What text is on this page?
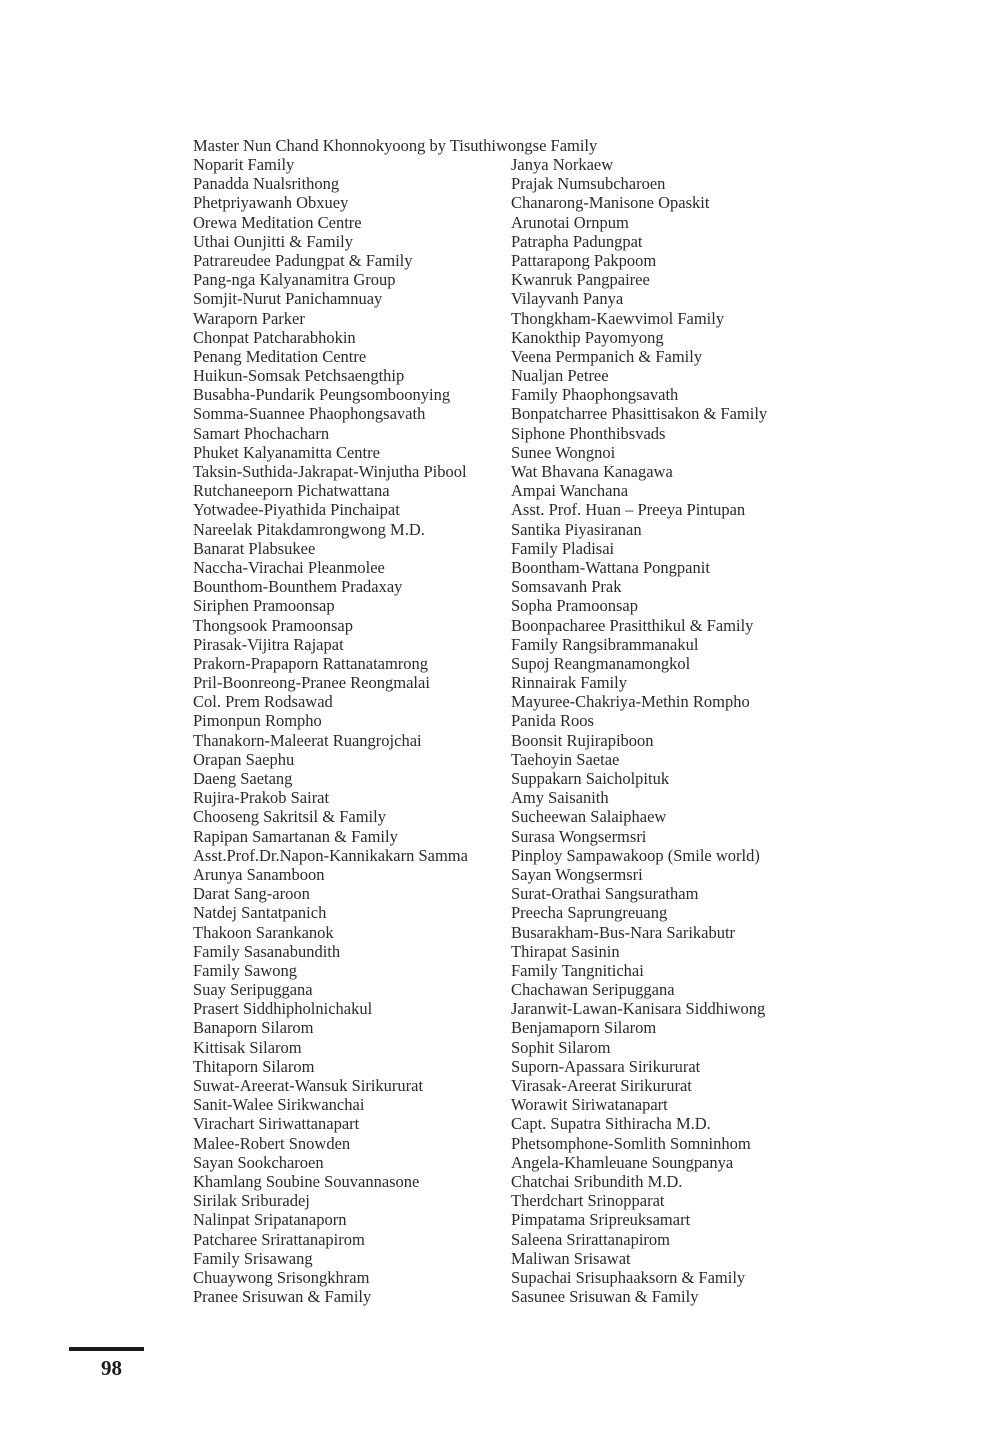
Master Nun Chand Khonnokyoong by Tisuthiwongse Family
Noparit Family
Panadda Nualsrithong
Phetpriyawanh Obxuey
Orewa Meditation Centre
Uthai Ounjitti & Family
Patrareudee Padungpat & Family
Pang-nga Kalyanamitra Group
Somjit-Nurut Panichamnuay
Waraporn Parker
Chonpat Patcharabhokin
Penang Meditation Centre
Huikun-Somsak Petchsaengthip
Busabha-Pundarik Peungsomboonying
Somma-Suannee Phaophongsavath
Samart Phochacharn
Phuket Kalyanamitta Centre
Taksin-Suthida-Jakrapat-Winjutha Pibool
Rutchaneeporn Pichatwattana
Yotwadee-Piyathida Pinchaipat
Nareelak Pitakdamrongwong M.D.
Banarat Plabsukee
Naccha-Virachai Pleanmolee
Bounthom-Bounthem Pradaxay
Siriphen Pramoonsap
Thongsook Pramoonsap
Pirasak-Vijitra Rajapat
Prakorn-Prapaporn Rattanatamrong
Pril-Boonreong-Pranee Reongmalai
Col. Prem Rodsawad
Pimonpun Rompho
Thanakorn-Maleerat Ruangrojchai
Orapan Saephu
Daeng Saetang
Rujira-Prakob Sairat
Chooseng Sakritsil & Family
Rapipan Samartanan & Family
Asst.Prof.Dr.Napon-Kannikakarn Samma
Arunya Sanamboon
Darat Sang-aroon
Natdej Santatpanich
Thakoon Sarankanok
Family Sasanabundith
Family Sawong
Suay Seripuggana
Prasert Siddhipholnichakul
Banaporn Silarom
Kittisak Silarom
Thitaporn Silarom
Suwat-Areerat-Wansuk Sirikururat
Sanit-Walee Sirikwanchai
Virachart Siriwattanapart
Malee-Robert Snowden
Sayan Sookcharoen
Khamlang Soubine Souvannasone
Sirilak Sriburadej
Nalinpat Sripatanaporn
Patcharee Srirattanapirom
Family Srisawang
Chuaywong Srisongkhram
Pranee Srisuwan & Family
Janya Norkaew
Prajak Numsubcharoen
Chanarong-Manisone Opaskit
Arunotai Ornpum
Patrapha Padungpat
Pattarapong Pakpoom
Kwanruk Pangpairee
Vilayvanh Panya
Thongkham-Kaewvimol Family
Kanokthip Payomyong
Veena Permpanich & Family
Nualjan Petree
Family Phaophongsavath
Bonpatcharree Phasittisakon & Family
Siphone Phonthibsvads
Sunee Wongnoi
Wat Bhavana Kanagawa
Ampai Wanchana
Asst. Prof. Huan – Preeya Pintupan
Santika Piyasiranan
Family Pladisai
Boontham-Wattana Pongpanit
Somsavanh Prak
Sopha Pramoonsap
Boonpacharee Prasitthikul & Family
Family Rangsibrammanakul
Supoj Reangmanamongkol
Rinnairak Family
Mayuree-Chakriya-Methin Rompho
Panida Roos
Boonsit Rujirapiboon
Taehoyin Saetae
Suppakarn Saicholpituk
Amy Saisanith
Sucheewan Salaiphaew
Surasa Wongsermsri
Pinploy Sampawakoop (Smile world)
Sayan Wongsermsri
Surat-Orathai Sangsuratham
Preecha Saprungreuang
Busarakham-Bus-Nara Sarikabutr
Thirapat Sasinin
Family Tangnitichai
Chachawan Seripuggana
Jaranwit-Lawan-Kanisara Siddhiwong
Benjamaporn Silarom
Sophit Silarom
Suporn-Apassara Sirikururat
Virasak-Areerat Sirikururat
Worawit Siriwatanapart
Capt. Supatra Sithiracha M.D.
Phetsomphone-Somlith Somninhom
Angela-Khamleuane Soungpanya
Chatchai Sribundith M.D.
Therdchart Srinopparat
Pimpatama Sripreuksamart
Saleena Srirattanapirom
Maliwan Srisawat
Supachai Srisuphaaksorn & Family
Sasunee Srisuwan & Family
98
